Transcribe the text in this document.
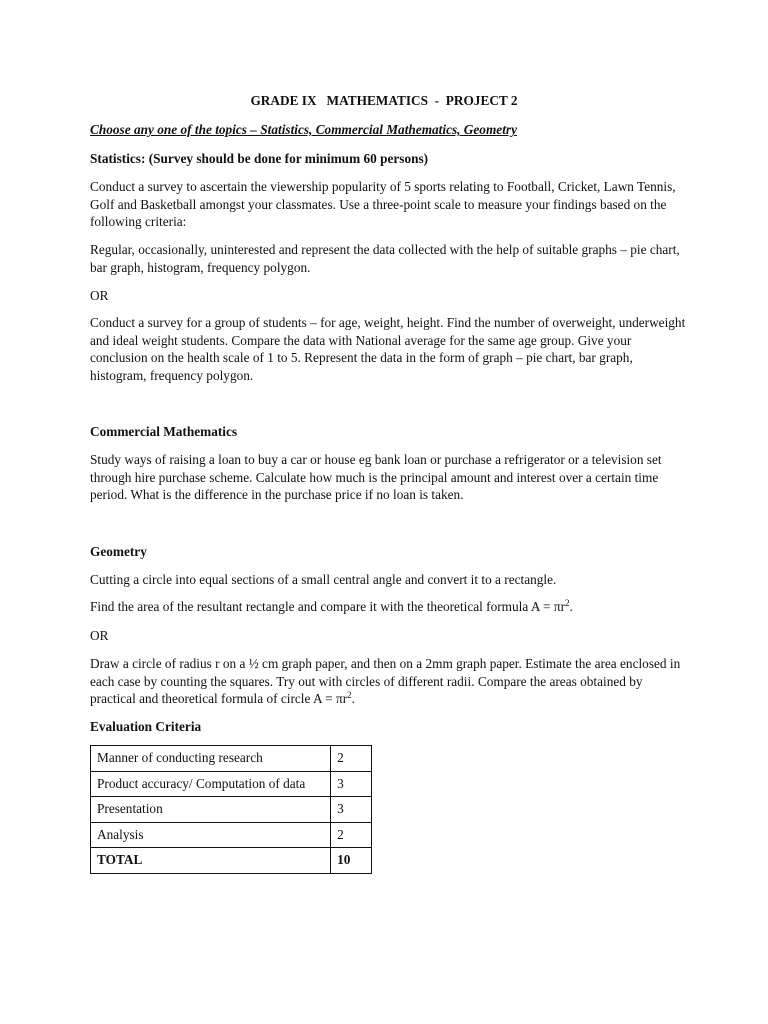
GRADE IX   MATHEMATICS  -  PROJECT 2

Choose any one of the topics – Statistics, Commercial Mathematics, Geometry

Statistics: (Survey should be done for minimum 60 persons)

Conduct a survey to ascertain the viewership popularity of 5 sports relating to Football, Cricket, Lawn Tennis, Golf and Basketball amongst your classmates. Use a three-point scale to measure your findings based on the following criteria:

Regular, occasionally, uninterested and represent the data collected with the help of suitable graphs – pie chart, bar graph, histogram, frequency polygon.

OR

Conduct a survey for a group of students – for age, weight, height. Find the number of overweight, underweight and ideal weight students. Compare the data with National average for the same age group. Give your conclusion on the health scale of 1 to 5. Represent the data in the form of graph – pie chart, bar graph, histogram, frequency polygon.

Commercial Mathematics

Study ways of raising a loan to buy a car or house eg bank loan or purchase a refrigerator or a television set through hire purchase scheme. Calculate how much is the principal amount and interest over a certain time period. What is the difference in the purchase price if no loan is taken.

Geometry

Cutting a circle into equal sections of a small central angle and convert it to a rectangle.

Find the area of the resultant rectangle and compare it with the theoretical formula $A = \pi r^2$.

OR

Draw a circle of radius r on a ½ cm graph paper, and then on a 2mm graph paper. Estimate the area enclosed in each case by counting the squares. Try out with circles of different radii. Compare the areas obtained by practical and theoretical formula of circle $A = \pi r^2$.

Evaluation Criteria

Manner of conducting research	2
Product accuracy/ Computation of data	3
Presentation	3
Analysis	2
TOTAL	10
